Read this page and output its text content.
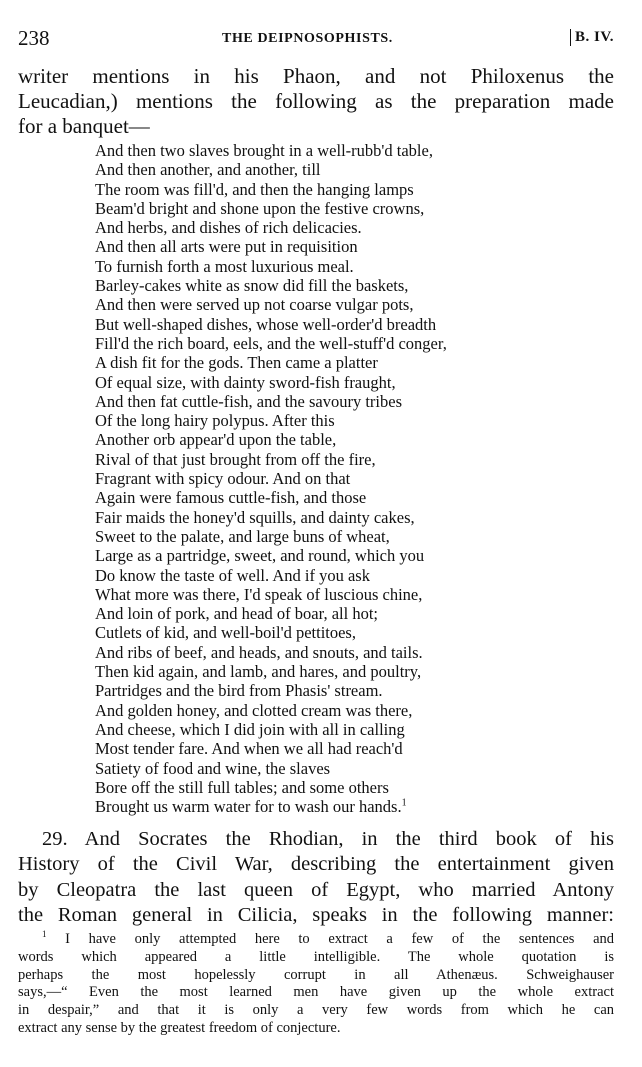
238	THE DEIPNOSOPHISTS.	B. IV.
writer mentions in his Phaon, and not Philoxenus the
Leucadian,) mentions the following as the preparation made
for a banquet—
And then two slaves brought in a well-rubb'd table,
And then another, and another, till
The room was fill'd, and then the hanging lamps
Beam'd bright and shone upon the festive crowns,
And herbs, and dishes of rich delicacies.
And then all arts were put in requisition
To furnish forth a most luxurious meal.
Barley-cakes white as snow did fill the baskets,
And then were served up not coarse vulgar pots,
But well-shaped dishes, whose well-order'd breadth
Fill'd the rich board, eels, and the well-stuff'd conger,
A dish fit for the gods. Then came a platter
Of equal size, with dainty sword-fish fraught,
And then fat cuttle-fish, and the savoury tribes
Of the long hairy polypus. After this
Another orb appear'd upon the table,
Rival of that just brought from off the fire,
Fragrant with spicy odour. And on that
Again were famous cuttle-fish, and those
Fair maids the honey'd squills, and dainty cakes,
Sweet to the palate, and large buns of wheat,
Large as a partridge, sweet, and round, which you
Do know the taste of well. And if you ask
What more was there, I'd speak of luscious chine,
And loin of pork, and head of boar, all hot;
Cutlets of kid, and well-boil'd pettitoes,
And ribs of beef, and heads, and snouts, and tails.
Then kid again, and lamb, and hares, and poultry,
Partridges and the bird from Phasis' stream.
And golden honey, and clotted cream was there,
And cheese, which I did join with all in calling
Most tender fare. And when we all had reach'd
Satiety of food and wine, the slaves
Bore off the still full tables; and some others
Brought us warm water for to wash our hands.$^1$
29. And Socrates the Rhodian, in the third book of his
History of the Civil War, describing the entertainment given
by Cleopatra the last queen of Egypt, who married Antony
the Roman general in Cilicia, speaks in the following manner:
$^1$ I have only attempted here to extract a few of the sentences and
words which appeared a little intelligible. The whole quotation is
perhaps the most hopelessly corrupt in all Athenæus. Schweighauser
says,—“ Even the most learned men have given up the whole extract
in despair,” and that it is only a very few words from which he can
extract any sense by the greatest freedom of conjecture.
